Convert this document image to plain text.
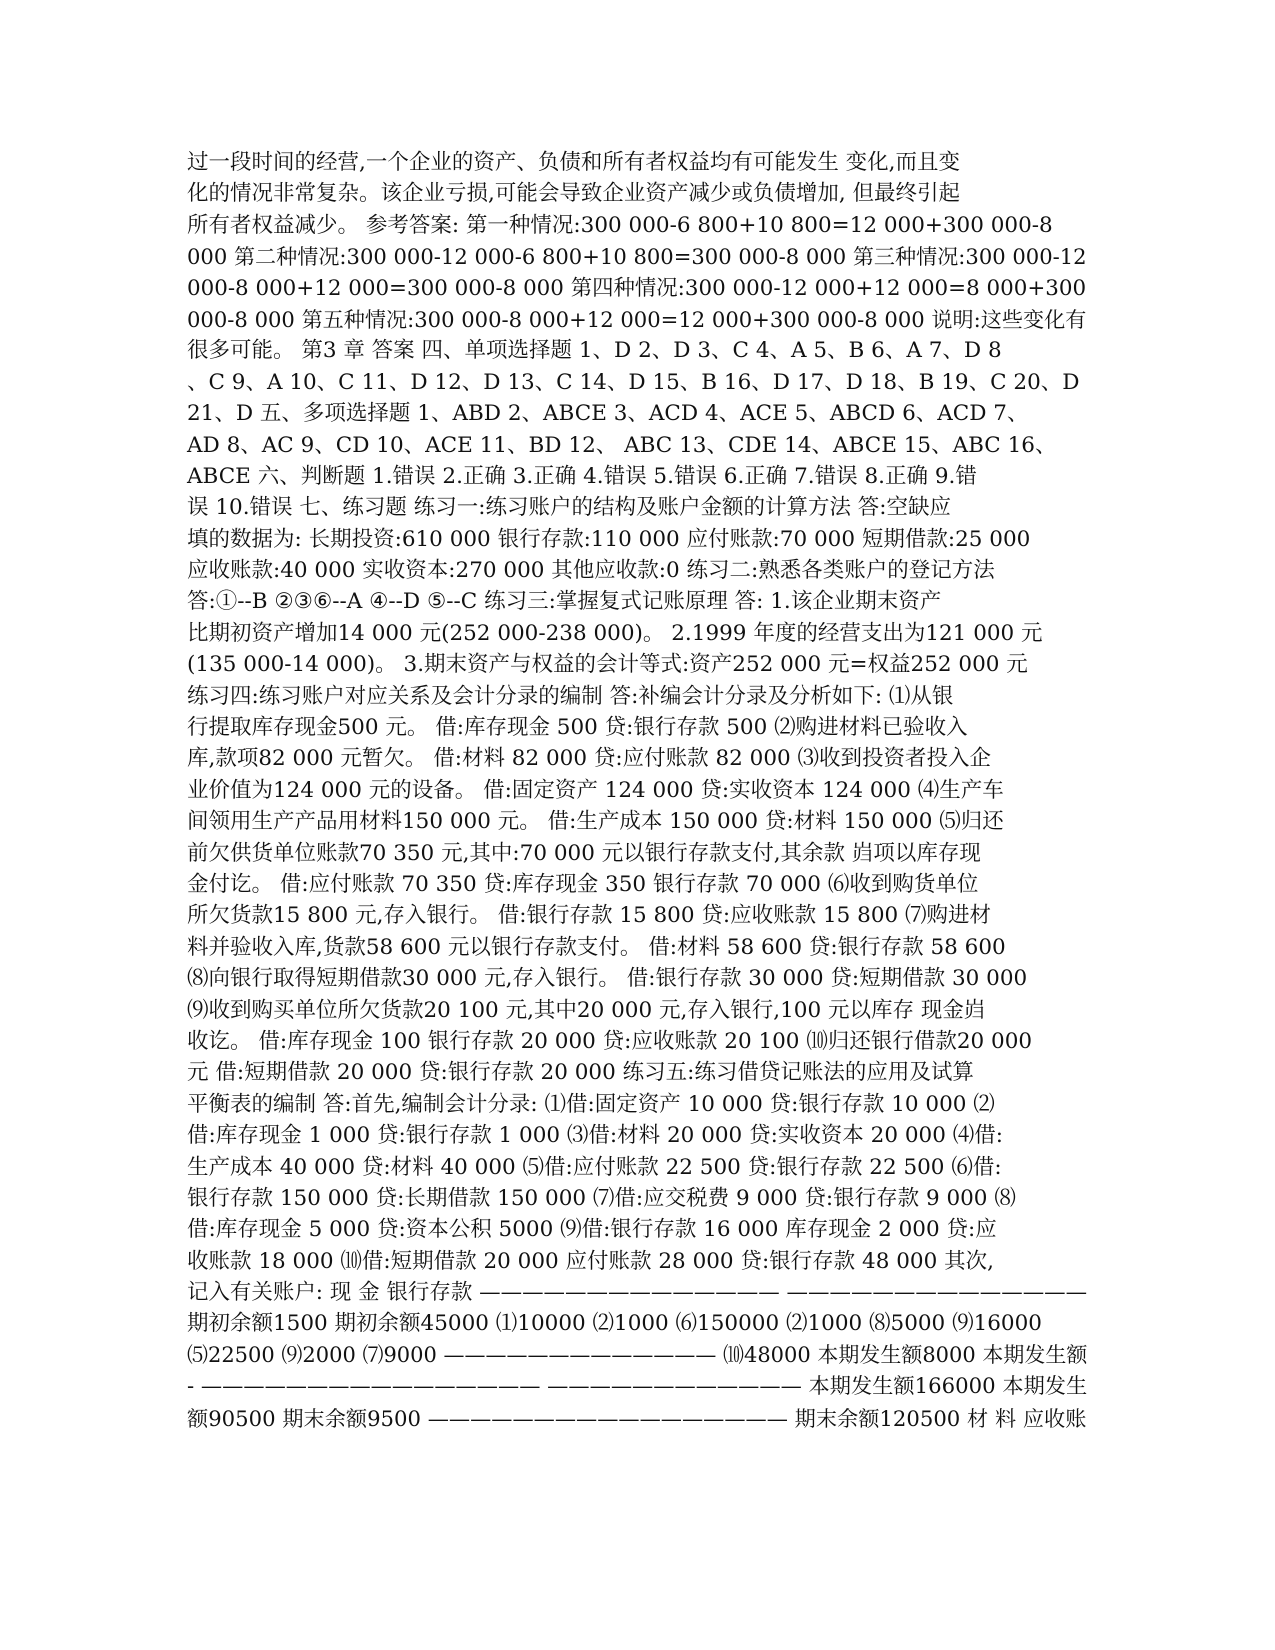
过一段时间的经营,一个企业的资产、负债和所有者权益均有可能发生 变化,而且变
化的情况非常复杂。该企业亏损,可能会导致企业资产减少或负债增加, 但最终引起
所有者权益减少。 参考答案: 第一种情况:300 000-6 800+10 800=12 000+300 000-8
000 第二种情况:300 000-12 000-6 800+10 800=300 000-8 000 第三种情况:300 000-12
000-8 000+12 000=300 000-8 000 第四种情况:300 000-12 000+12 000=8 000+300
000-8 000 第五种情况:300 000-8 000+12 000=12 000+300 000-8 000 说明:这些变化有
很多可能。 第3 章 答案 四、单项选择题 1、D 2、D 3、C 4、A 5、B 6、A 7、D 8
、C 9、A 10、C 11、D 12、D 13、C 14、D 15、B 16、D 17、D 18、B 19、C 20、D
21、D 五、多项选择题 1、ABD 2、ABCE 3、ACD 4、ACE 5、ABCD 6、ACD 7、
AD 8、AC 9、CD 10、ACE 11、BD 12、 ABC 13、CDE 14、ABCE 15、ABC 16、
ABCE 六、判断题 1.错误 2.正确 3.正确 4.错误 5.错误 6.正确 7.错误 8.正确 9.错
误 10.错误 七、练习题 练习一:练习账户的结构及账户金额的计算方法 答:空缺应
填的数据为: 长期投资:610 000 银行存款:110 000 应付账款:70 000 短期借款:25 000
应收账款:40 000 实收资本:270 000 其他应收款:0 练习二:熟悉各类账户的登记方法
答:①--B ②③⑥--A ④--D ⑤--C 练习三:掌握复式记账原理 答: 1.该企业期末资产
比期初资产增加14 000 元(252 000-238 000)。 2.1999 年度的经营支出为121 000 元
(135 000-14 000)。 3.期末资产与权益的会计等式:资产252 000 元=权益252 000 元
练习四:练习账户对应关系及会计分录的编制 答:补编会计分录及分析如下: ⑴从银
行提取库存现金500 元。 借:库存现金 500 贷:银行存款 500 ⑵购进材料已验收入
库,款项82 000 元暂欠。 借:材料 82 000 贷:应付账款 82 000 ⑶收到投资者投入企
业价值为124 000 元的设备。 借:固定资产 124 000 贷:实收资本 124 000 ⑷生产车
间领用生产产品用材料150 000 元。 借:生产成本 150 000 贷:材料 150 000 ⑸归还
前欠供货单位账款70 350 元,其中:70 000 元以银行存款支付,其余款 岿项以库存现
金付讫。 借:应付账款 70 350 贷:库存现金 350 银行存款 70 000 ⑹收到购货单位
所欠货款15 800 元,存入银行。 借:银行存款 15 800 贷:应收账款 15 800 ⑺购进材
料并验收入库,货款58 600 元以银行存款支付。 借:材料 58 600 贷:银行存款 58 600
⑻向银行取得短期借款30 000 元,存入银行。 借:银行存款 30 000 贷:短期借款 30 000
⑼收到购买单位所欠货款20 100 元,其中20 000 元,存入银行,100 元以库存 现金岿
收讫。 借:库存现金 100 银行存款 20 000 贷:应收账款 20 100 ⑽归还银行借款20 000
元 借:短期借款 20 000 贷:银行存款 20 000 练习五:练习借贷记账法的应用及试算
平衡表的编制 答:首先,编制会计分录: ⑴借:固定资产 10 000 贷:银行存款 10 000 ⑵
借:库存现金 1 000 贷:银行存款 1 000 ⑶借:材料 20 000 贷:实收资本 20 000 ⑷借:
生产成本 40 000 贷:材料 40 000 ⑸借:应付账款 22 500 贷:银行存款 22 500 ⑹借:
银行存款 150 000 贷:长期借款 150 000 ⑺借:应交税费 9 000 贷:银行存款 9 000 ⑻
借:库存现金 5 000 贷:资本公积 5000 ⑼借:银行存款 16 000 库存现金 2 000 贷:应
收账款 18 000 ⑽借:短期借款 20 000 应付账款 28 000 贷:银行存款 48 000 其次,
记入有关账户: 现 金 银行存款 —————————————— ——————————————
期初余额1500 期初余额45000 ⑴10000 ⑵1000 ⑹150000 ⑵1000 ⑻5000 ⑼16000
⑸22500 ⑼2000 ⑺9000 ————————————— ⑽48000 本期发生额8000 本期发生额
- ———————————————— ———————————— 本期发生额166000 本期发生
额90500 期末余额9500 ————————————————— 期末余额120500 材 料 应收账
